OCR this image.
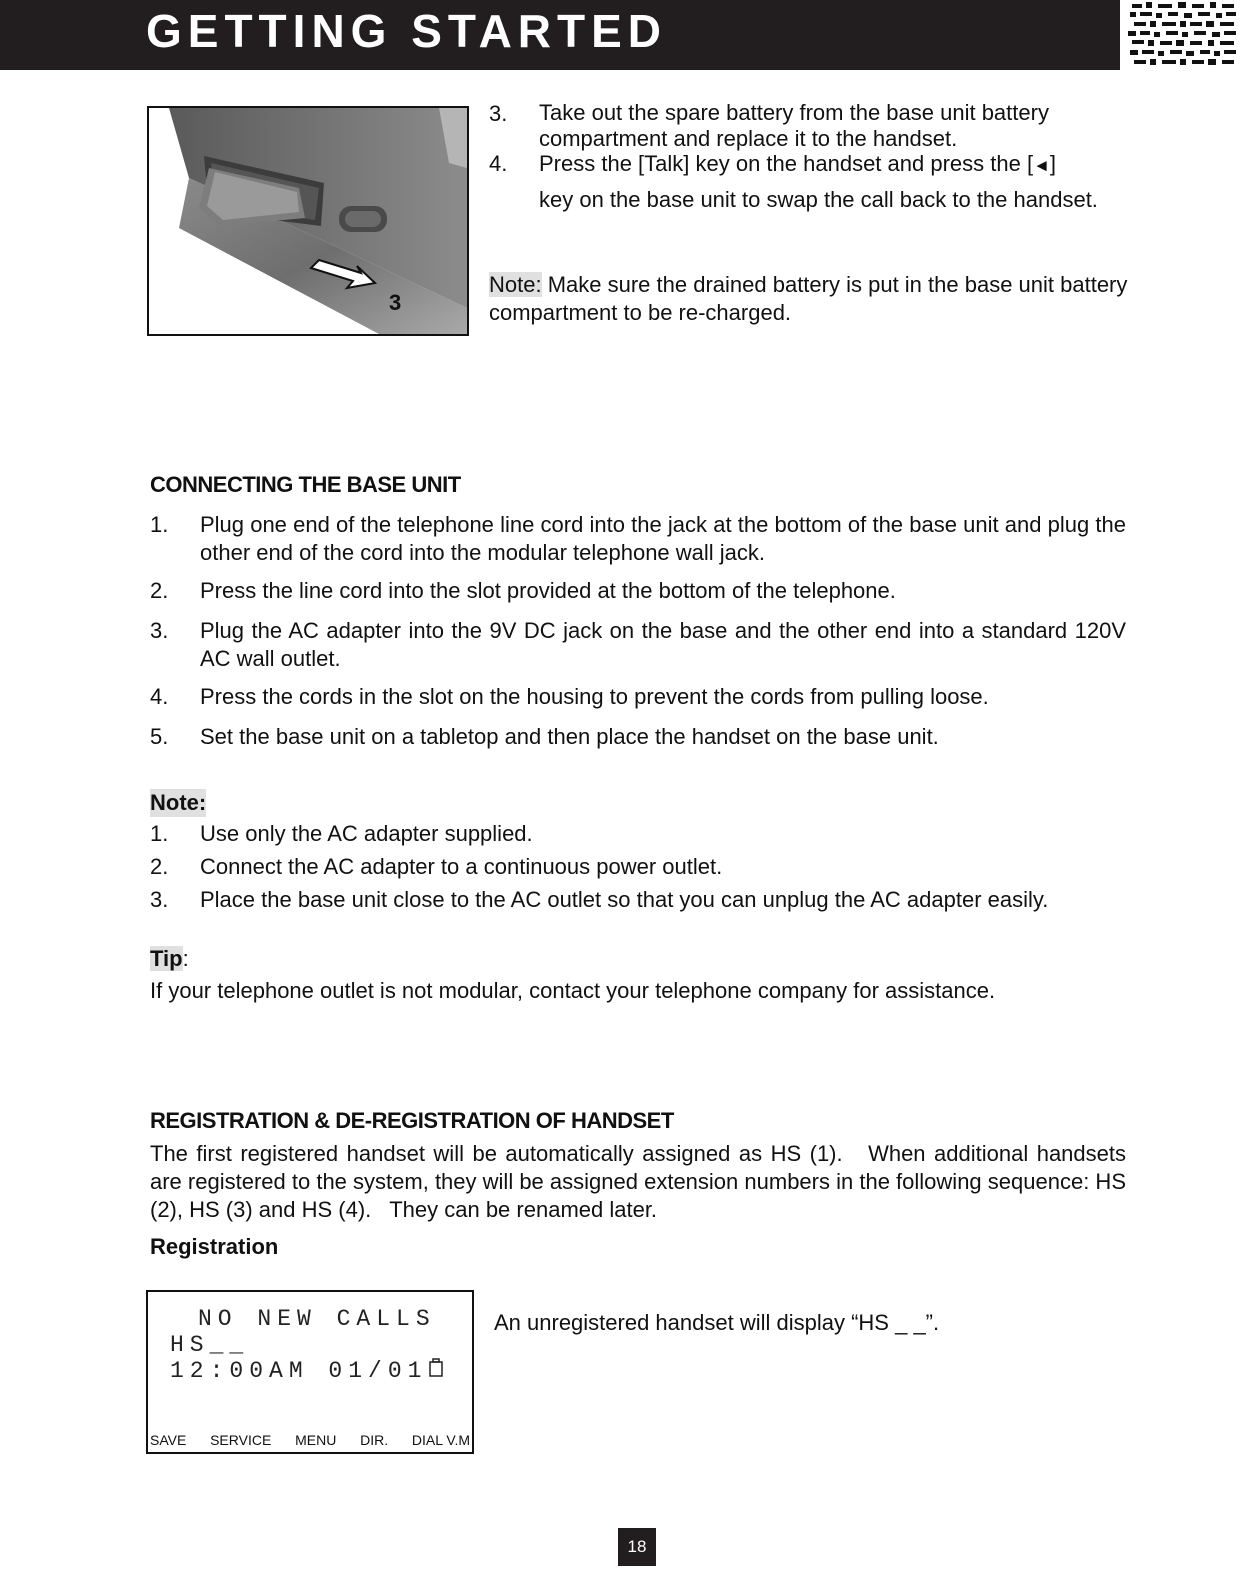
GETTING STARTED
3
3. Take out the spare battery from the base unit battery compartment and replace it to the handset.
4. Press the [Talk] key on the handset and press the [◄]
key on the base unit to swap the call back to the handset.
Note: Make sure the drained battery is put in the base unit battery compartment to be re-charged.
CONNECTING THE BASE UNIT
1. Plug one end of the telephone line cord into the jack at the bottom of the base unit and plug the other end of the cord into the modular telephone wall jack.
2. Press the line cord into the slot provided at the bottom of the telephone.
3. Plug the AC adapter into the 9V DC jack on the base and the other end into a standard 120V AC wall outlet.
4. Press the cords in the slot on the housing to prevent the cords from pulling loose.
5. Set the base unit on a tabletop and then place the handset on the base unit.
Note:
1. Use only the AC adapter supplied.
2. Connect the AC adapter to a continuous power outlet.
3. Place the base unit close to the AC outlet so that you can unplug the AC adapter easily.
Tip:
If your telephone outlet is not modular, contact your telephone company for assistance.
REGISTRATION & DE-REGISTRATION OF HANDSET
The first registered handset will be automatically assigned as HS (1).   When additional handsets are registered to the system, they will be assigned extension numbers in the following sequence: HS (2), HS (3) and HS (4).   They can be renamed later.
Registration
NO NEW CALLS
HS__
12:00AM 01/01
SAVE SERVICE MENU DIR. DIAL V.M
An unregistered handset will display “HS _ _”.
18
